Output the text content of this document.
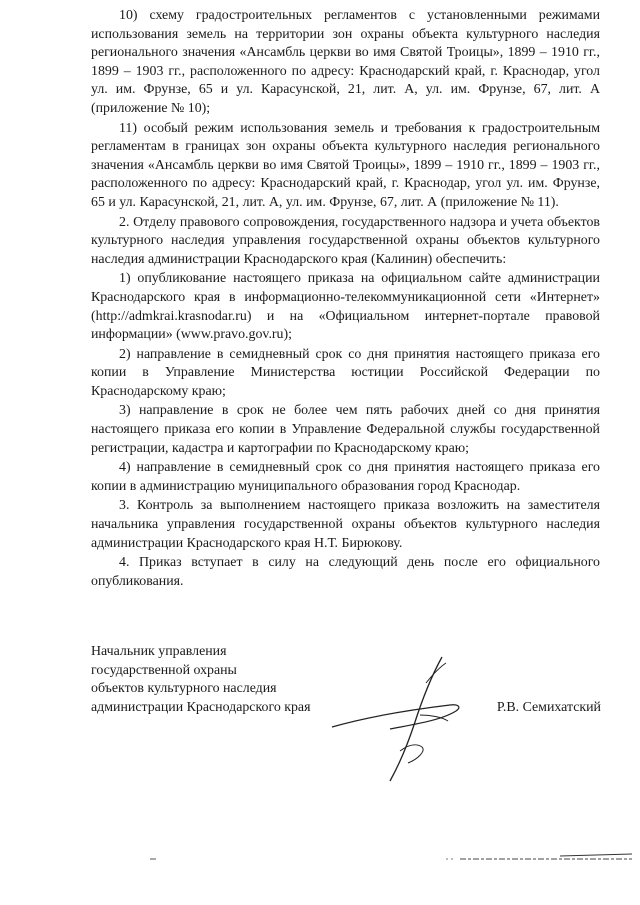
10) схему градостроительных регламентов с установленными режимами использования земель на территории зон охраны объекта культурного наследия регионального значения «Ансамбль церкви во имя Святой Троицы», 1899 – 1910 гг., 1899 – 1903 гг., расположенного по адресу: Краснодарский край, г. Краснодар, угол ул. им. Фрунзе, 65 и ул. Карасунской, 21, лит. А, ул. им. Фрунзе, 67, лит. А (приложение № 10);

11) особый режим использования земель и требования к градостроительным регламентам в границах зон охраны объекта культурного наследия регионального значения «Ансамбль церкви во имя Святой Троицы», 1899 – 1910 гг., 1899 – 1903 гг., расположенного по адресу: Краснодарский край, г. Краснодар, угол ул. им. Фрунзе, 65 и ул. Карасунской, 21, лит. А, ул. им. Фрунзе, 67, лит. А (приложение № 11).

2. Отделу правового сопровождения, государственного надзора и учета объектов культурного наследия управления государственной охраны объектов культурного наследия администрации Краснодарского края (Калинин) обеспечить:

1) опубликование настоящего приказа на официальном сайте администрации Краснодарского края в информационно-телекоммуникационной сети «Интернет» (http://admkrai.krasnodar.ru) и на «Официальном интернет-портале правовой информации» (www.pravo.gov.ru);

2) направление в семидневный срок со дня принятия настоящего приказа его копии в Управление Министерства юстиции Российской Федерации по Краснодарскому краю;

3) направление в срок не более чем пять рабочих дней со дня принятия настоящего приказа его копии в Управление Федеральной службы государственной регистрации, кадастра и картографии по Краснодарскому краю;

4) направление в семидневный срок со дня принятия настоящего приказа его копии в администрацию муниципального образования город Краснодар.

3. Контроль за выполнением настоящего приказа возложить на заместителя начальника управления государственной охраны объектов культурного наследия администрации Краснодарского края Н.Т. Бирюкову.

4. Приказ вступает в силу на следующий день после его официального опубликования.

Начальник управления
государственной охраны
объектов культурного наследия
администрации Краснодарского края	Р.В. Семихатский
